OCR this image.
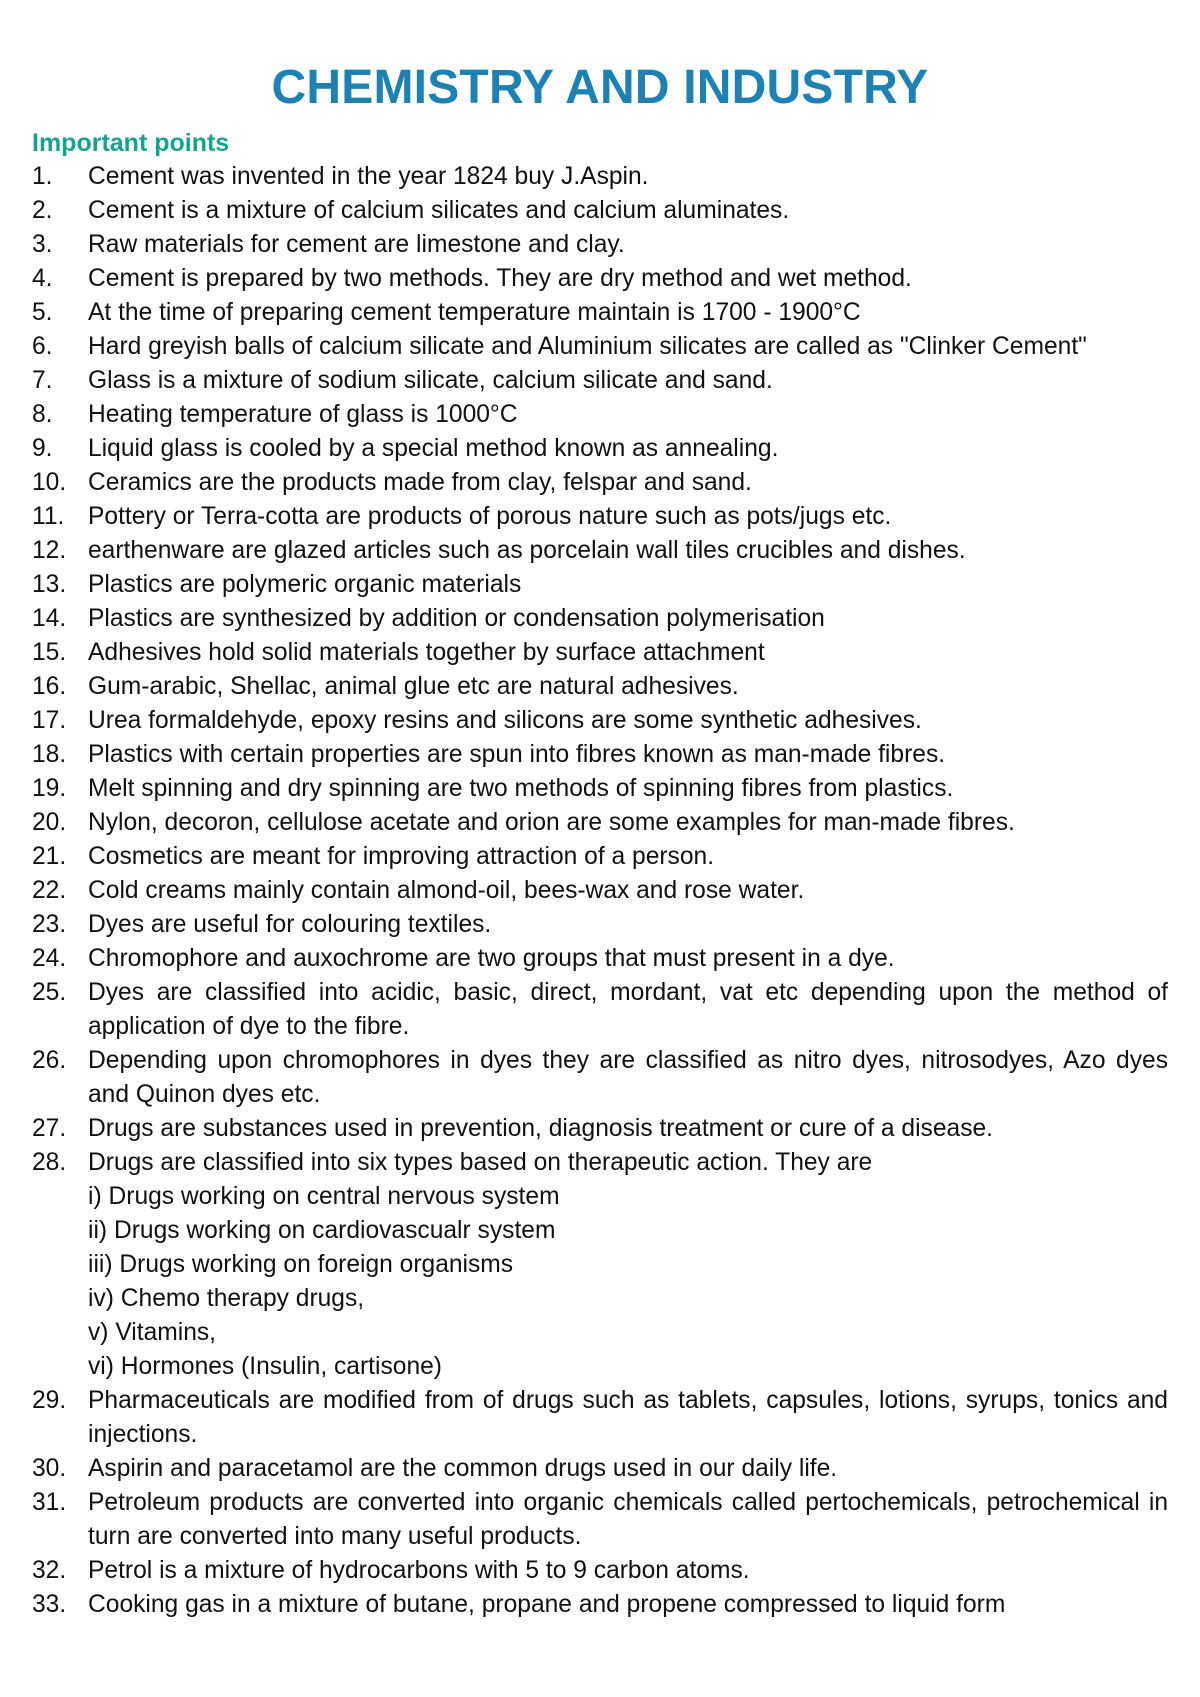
CHEMISTRY AND INDUSTRY
Important points
1.	Cement was invented in the year 1824 buy J.Aspin.
2.	Cement is a mixture of calcium silicates and calcium aluminates.
3.	Raw materials for cement are limestone and clay.
4.	Cement is prepared by two methods. They are dry method and wet method.
5.	At the time of preparing cement temperature maintain is 1700 - 1900°C
6.	Hard greyish balls of calcium silicate and Aluminium silicates are called as "Clinker Cement"
7.	Glass is a mixture of sodium silicate, calcium silicate and sand.
8.	Heating temperature of glass is 1000°C
9.	Liquid glass is cooled by a special method known as annealing.
10. Ceramics are the products made from clay, felspar and sand.
11. Pottery or Terra-cotta are products of porous nature such as pots/jugs etc.
12. earthenware are glazed articles such as porcelain wall tiles crucibles and dishes.
13. Plastics are polymeric organic materials
14. Plastics are synthesized by addition or condensation polymerisation
15. Adhesives hold solid materials together by surface attachment
16. Gum-arabic, Shellac, animal glue etc are natural adhesives.
17. Urea formaldehyde, epoxy resins and silicons are some synthetic adhesives.
18. Plastics with certain properties are spun into fibres known as man-made fibres.
19. Melt spinning and dry spinning are two methods of spinning fibres from plastics.
20. Nylon, decoron, cellulose acetate and orion are some examples for man-made fibres.
21. Cosmetics are meant for improving attraction of a person.
22. Cold creams mainly contain almond-oil, bees-wax and rose water.
23. Dyes are useful for colouring textiles.
24. Chromophore and auxochrome are two groups that must present in a dye.
25. Dyes are classified into acidic, basic, direct, mordant, vat etc depending upon the method of application of dye to the fibre.
26. Depending upon chromophores in dyes they are classified as nitro dyes, nitrosodyes, Azo dyes and Quinon dyes etc.
27. Drugs are substances used in prevention, diagnosis treatment or cure of a disease.
28. Drugs are classified into six types based on therapeutic action. They are
i) Drugs working on central nervous system
ii) Drugs working on cardiovascualr system
iii) Drugs working on foreign organisms
iv) Chemo therapy drugs,
v) Vitamins,
vi) Hormones (Insulin, cartisone)
29. Pharmaceuticals are modified from of drugs such as tablets, capsules, lotions, syrups, tonics and injections.
30. Aspirin and paracetamol are the common drugs used in our daily life.
31. Petroleum products are converted into organic chemicals called pertochemicals, petrochemical in turn are converted into many useful products.
32. Petrol is a mixture of hydrocarbons with 5 to 9 carbon atoms.
33. Cooking gas in a mixture of butane, propane and propene compressed to liquid form
